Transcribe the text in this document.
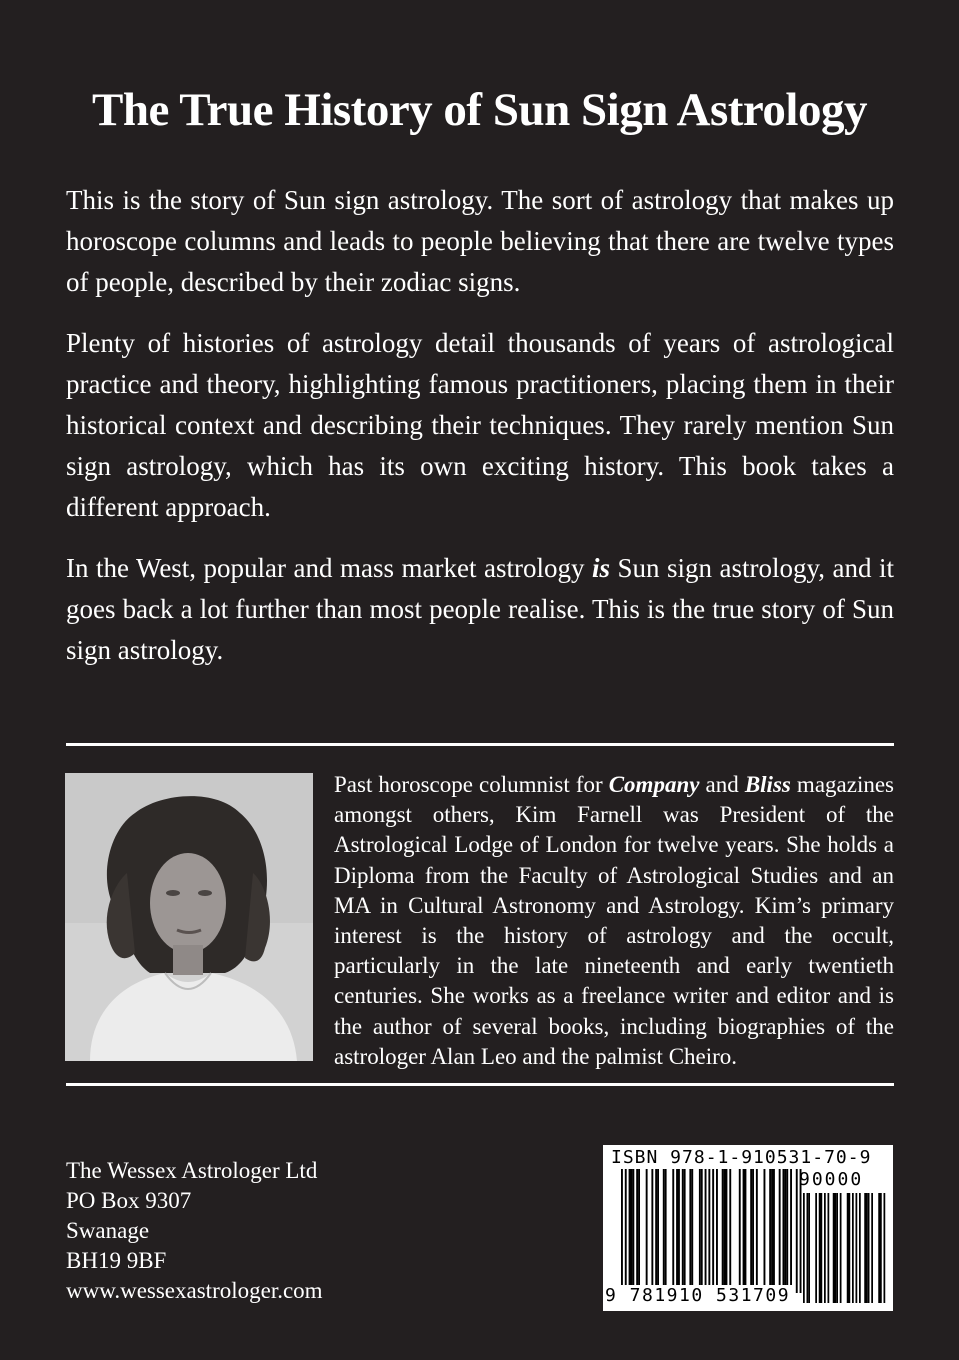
The True History of Sun Sign Astrology

This is the story of Sun sign astrology. The sort of astrology that makes up horoscope columns and leads to people believing that there are twelve types of people, described by their zodiac signs.

Plenty of histories of astrology detail thousands of years of astrological practice and theory, highlighting famous practitioners, placing them in their historical context and describing their techniques. They rarely mention Sun sign astrology, which has its own exciting history. This book takes a different approach.

In the West, popular and mass market astrology is Sun sign astrology, and it goes back a lot further than most people realise. This is the true story of Sun sign astrology.

Past horoscope columnist for Company and Bliss magazines amongst others, Kim Farnell was President of the Astrological Lodge of London for twelve years. She holds a Diploma from the Faculty of Astrological Studies and an MA in Cultural Astronomy and Astrology. Kim’s primary interest is the history of astrology and the occult, particularly in the late nineteenth and early twentieth centuries. She works as a freelance writer and editor and is the author of several books, including biographies of the astrologer Alan Leo and the palmist Cheiro.

The Wessex Astrologer Ltd
PO Box 9307
Swanage
BH19 9BF
www.wessexastrologer.com
ISBN 978-1-910531-70-9
90000
9 781910 531709
